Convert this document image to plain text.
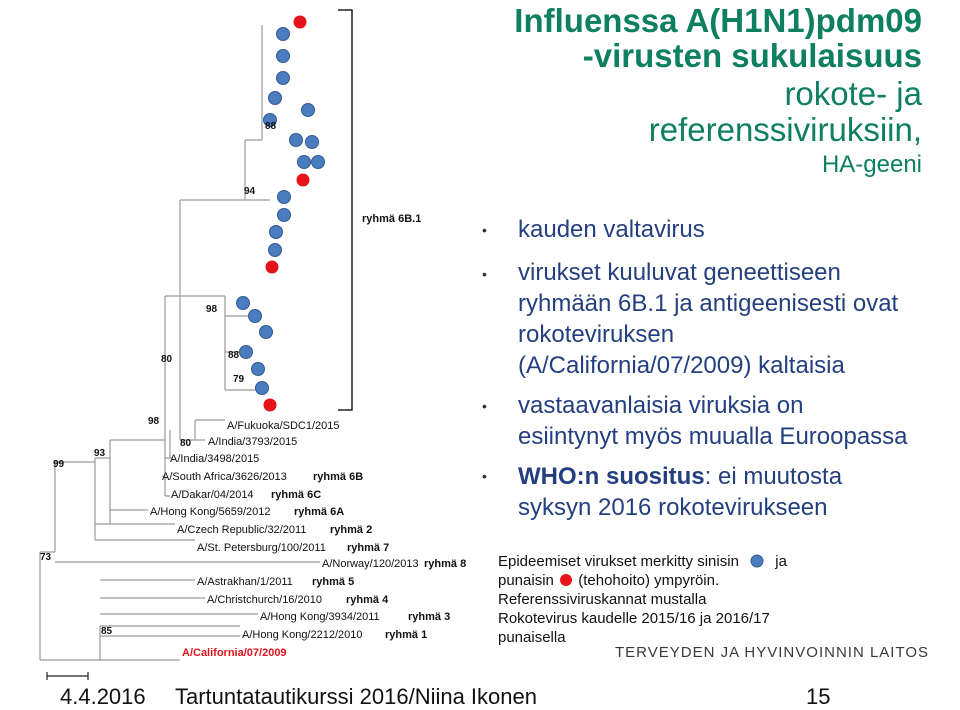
88
94
98
80	88
79
98
80
93
99
73
85
ryhmä 6B.1
A/Fukuoka/SDC1/2015
A/India/3793/2015
A/India/3498/2015
A/South Africa/3626/2013
A/Dakar/04/2014
A/Hong Kong/5659/2012
A/Czech Republic/32/2011
A/St. Petersburg/100/2011
A/Norway/120/2013
A/Astrakhan/1/2011
A/Christchurch/16/2010
A/Hong Kong/3934/2011
A/Hong Kong/2212/2010
A/California/07/2009
ryhmä 6B
ryhmä 6C
ryhmä 6A
ryhmä 2
ryhmä 7
ryhmä 8
ryhmä 5
ryhmä 4
ryhmä 3
ryhmä 1
Influenssa A(H1N1)pdm09
-virusten sukulaisuus
rokote- ja
referenssiviruksiin,
HA-geeni
• kauden valtavirus
• virukset kuuluvat geneettiseen
ryhmään 6B.1 ja antigeenisesti ovat
rokoteviruksen
(A/California/07/2009) kaltaisia
• vastaavanlaisia viruksia on
esiintynyt myös muualla Euroopassa
• WHO:n suositus: ei muutosta
syksyn 2016 rokotevirukseen
Epideemiset virukset merkitty sinisin ja
punaisin (tehohoito) ympyröin.
Referenssiviruskannat mustalla
Rokotevirus kaudelle 2015/16 ja 2016/17
punaisella
TERVEYDEN JA HYVINVOINNIN LAITOS
4.4.2016 Tartuntatautikurssi 2016/Niina Ikonen	15
